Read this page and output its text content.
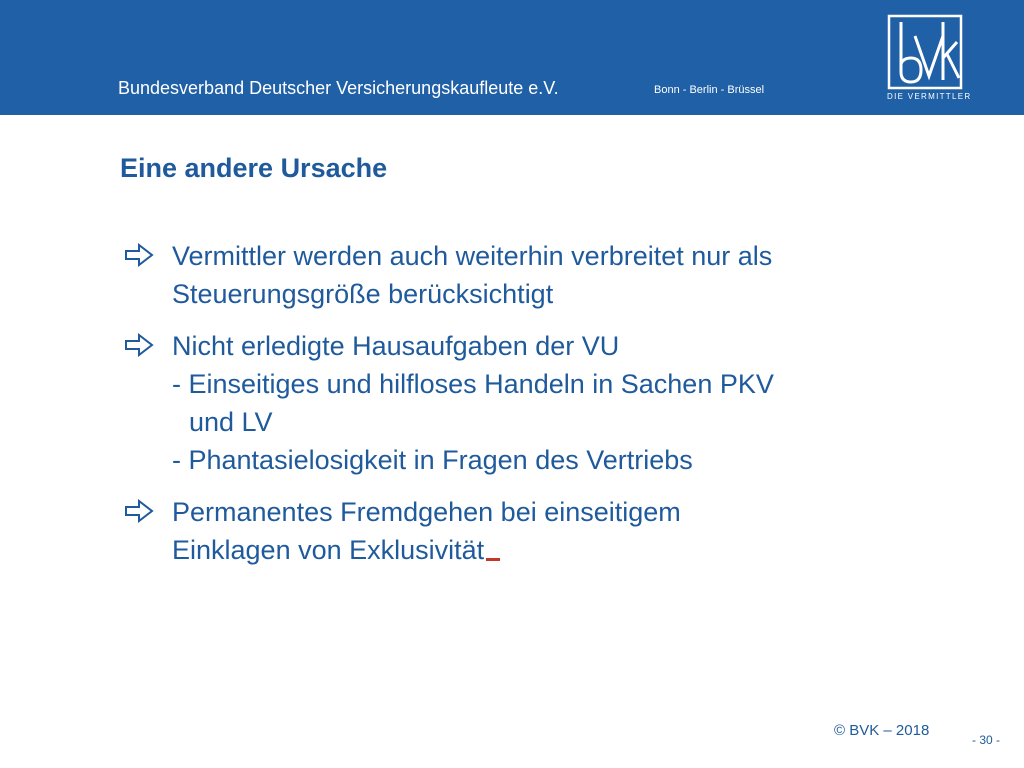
Bundesverband Deutscher Versicherungskaufleute e.V.	Bonn - Berlin - Brüssel
DIE VERMITTLER
Eine andere Ursache
Vermittler werden auch weiterhin verbreitet nur als
Steuerungsgröße berücksichtigt
Nicht erledigte Hausaufgaben der VU
- Einseitiges und hilfloses Handeln in Sachen PKV
und LV
- Phantasielosigkeit in Fragen des Vertriebs
Permanentes Fremdgehen bei einseitigem
Einklagen von Exklusivität
© BVK – 2018
- 30 -
